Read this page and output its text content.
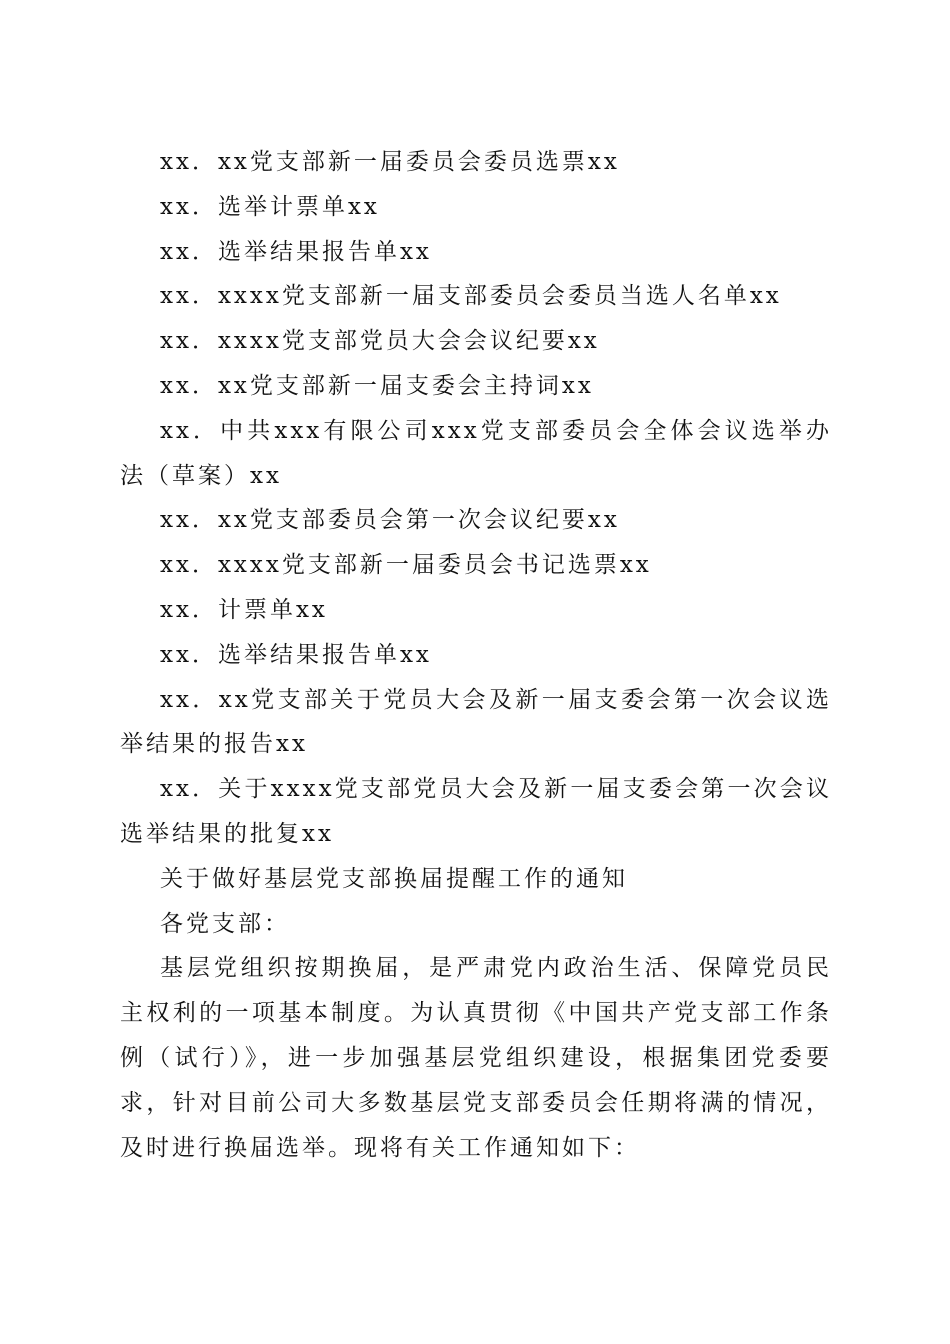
xx．xx党支部新一届委员会委员选票xx

xx．选举计票单xx

xx．选举结果报告单xx

xx．xxxx党支部新一届支部委员会委员当选人名单xx

xx．xxxx党支部党员大会会议纪要xx

xx．xx党支部新一届支委会主持词xx

xx．中共xxx有限公司xxx党支部委员会全体会议选举办法（草案）xx

xx．xx党支部委员会第一次会议纪要xx

xx．xxxx党支部新一届委员会书记选票xx

xx．计票单xx

xx．选举结果报告单xx

xx．xx党支部关于党员大会及新一届支委会第一次会议选举结果的报告xx

xx．关于xxxx党支部党员大会及新一届支委会第一次会议选举结果的批复xx

关于做好基层党支部换届提醒工作的通知

各党支部：

基层党组织按期换届，是严肃党内政治生活、保障党员民主权利的一项基本制度。为认真贯彻《中国共产党支部工作条例（试行）》，进一步加强基层党组织建设，根据集团党委要求，针对目前公司大多数基层党支部委员会任期将满的情况，及时进行换届选举。现将有关工作通知如下：
